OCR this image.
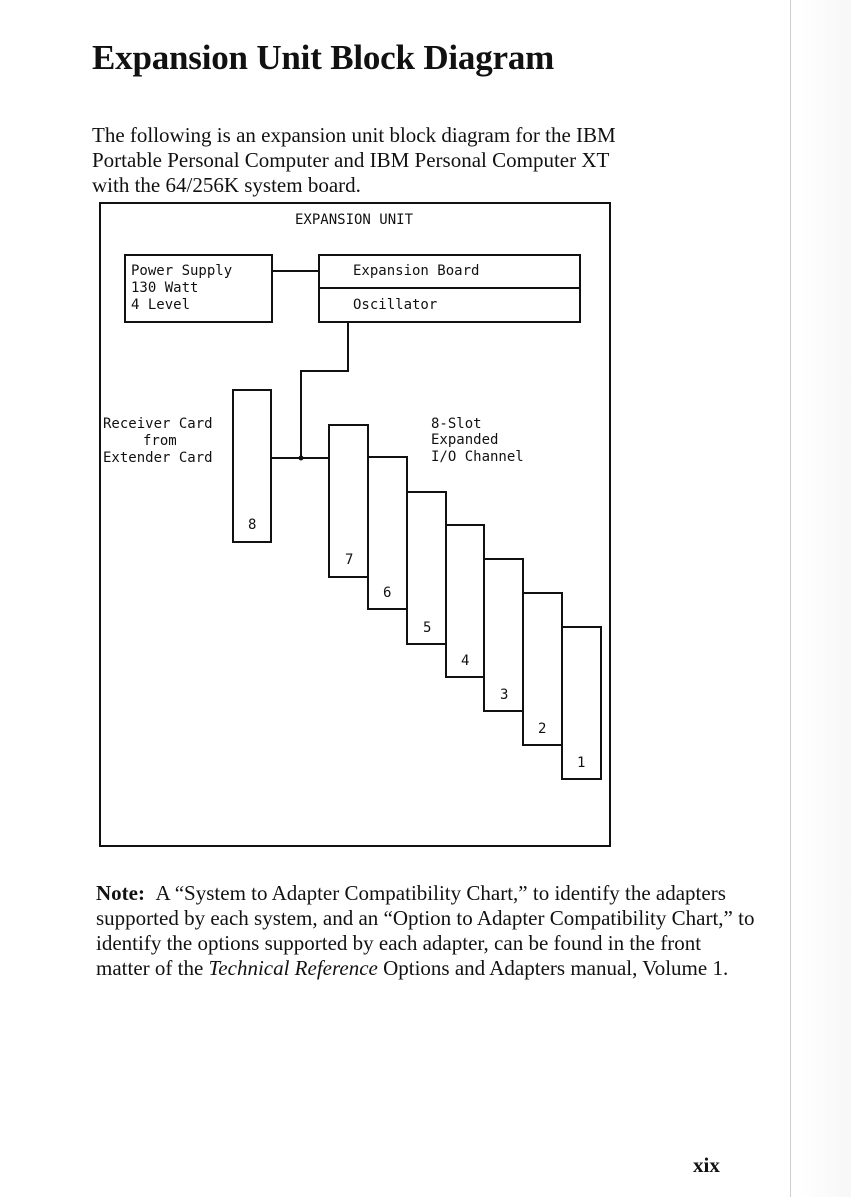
Expansion Unit Block Diagram

The following is an expansion unit block diagram for the IBM
Portable Personal Computer and IBM Personal Computer XT
with the 64/256K system board.

EXPANSION UNIT
Power Supply
130 Watt
4 Level
Expansion Board
Oscillator
Receiver Card
from
Extender Card
8-Slot
Expanded
I/O Channel
8
7
6
5
4
3
2
1

Note: A “System to Adapter Compatibility Chart,” to identify the adapters supported by each system, and an “Option to Adapter Compatibility Chart,” to identify the options supported by each adapter, can be found in the front matter of the Technical Reference Options and Adapters manual, Volume 1.

xix
